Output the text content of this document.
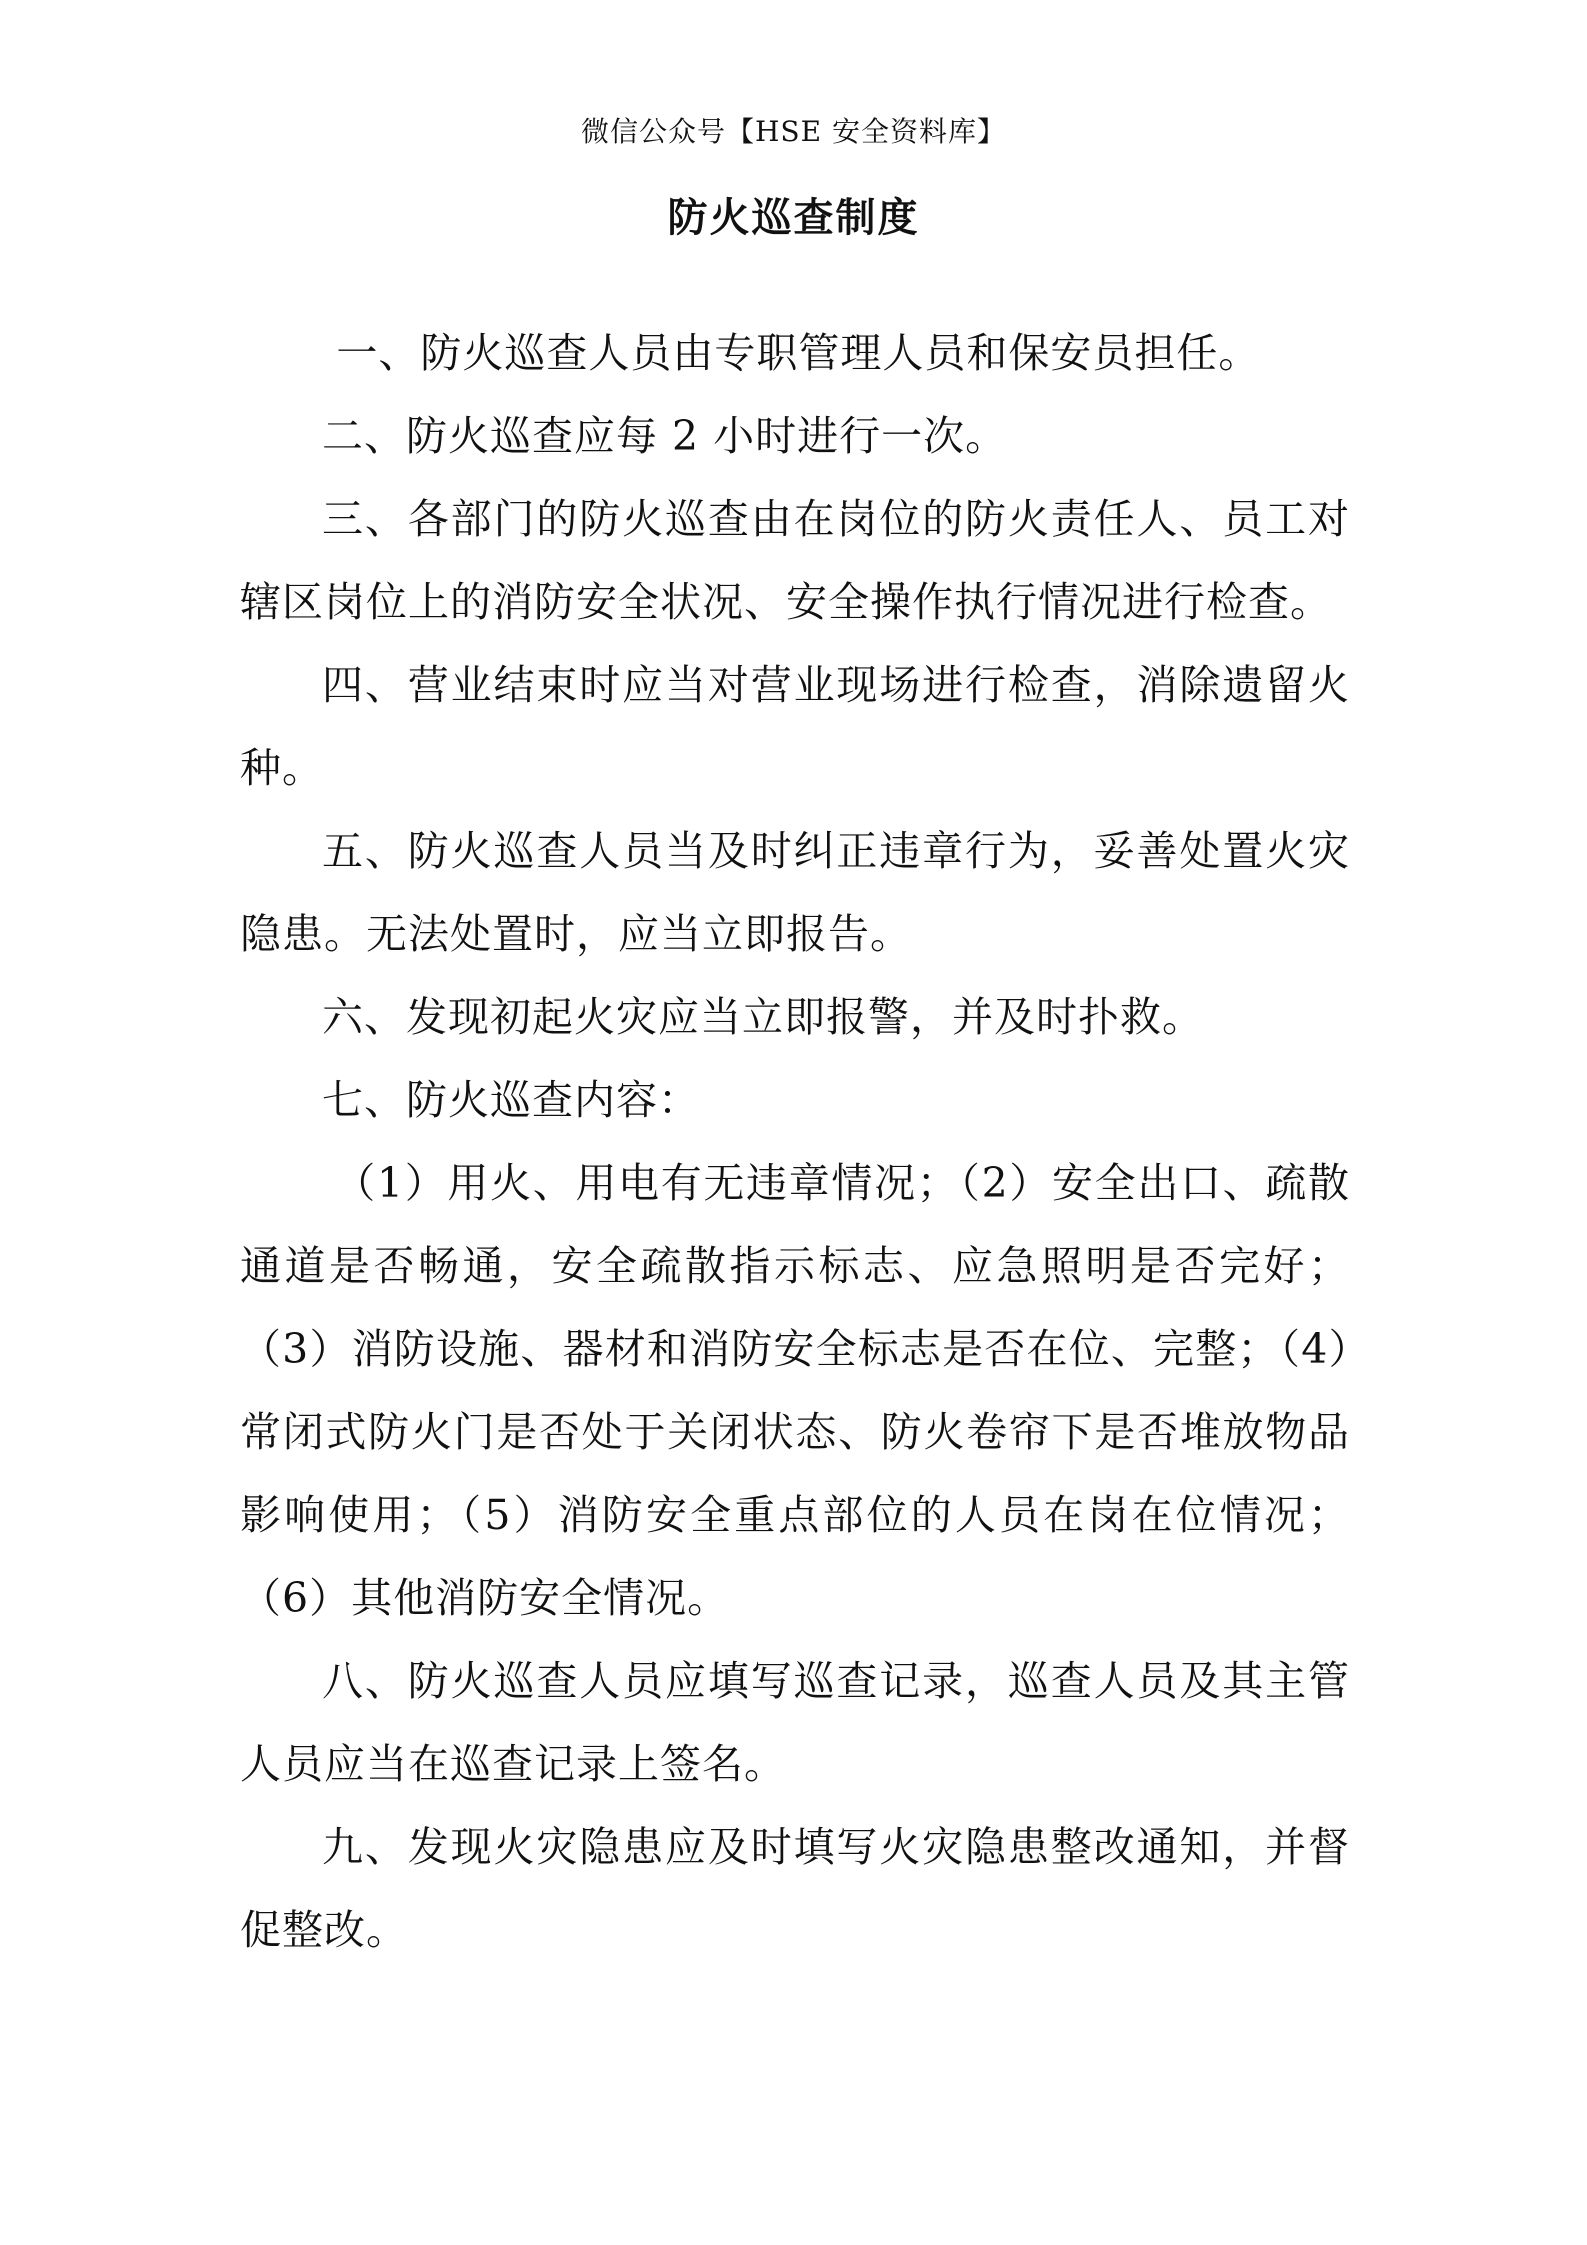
微信公众号【HSE 安全资料库】
防火巡查制度

一、防火巡查人员由专职管理人员和保安员担任。

二、防火巡查应每 2 小时进行一次。

三、各部门的防火巡查由在岗位的防火责任人、员工对辖区岗位上的消防安全状况、安全操作执行情况进行检查。

四、营业结束时应当对营业现场进行检查，消除遗留火种。

五、防火巡查人员当及时纠正违章行为，妥善处置火灾隐患。无法处置时，应当立即报告。

六、发现初起火灾应当立即报警，并及时扑救。

七、防火巡查内容：

（1）用火、用电有无违章情况；（2）安全出口、疏散通道是否畅通，安全疏散指示标志、应急照明是否完好；（3）消防设施、器材和消防安全标志是否在位、完整；（4）常闭式防火门是否处于关闭状态、防火卷帘下是否堆放物品影响使用；（5）消防安全重点部位的人员在岗在位情况；（6）其他消防安全情况。

八、防火巡查人员应填写巡查记录，巡查人员及其主管人员应当在巡查记录上签名。

九、发现火灾隐患应及时填写火灾隐患整改通知，并督促整改。
